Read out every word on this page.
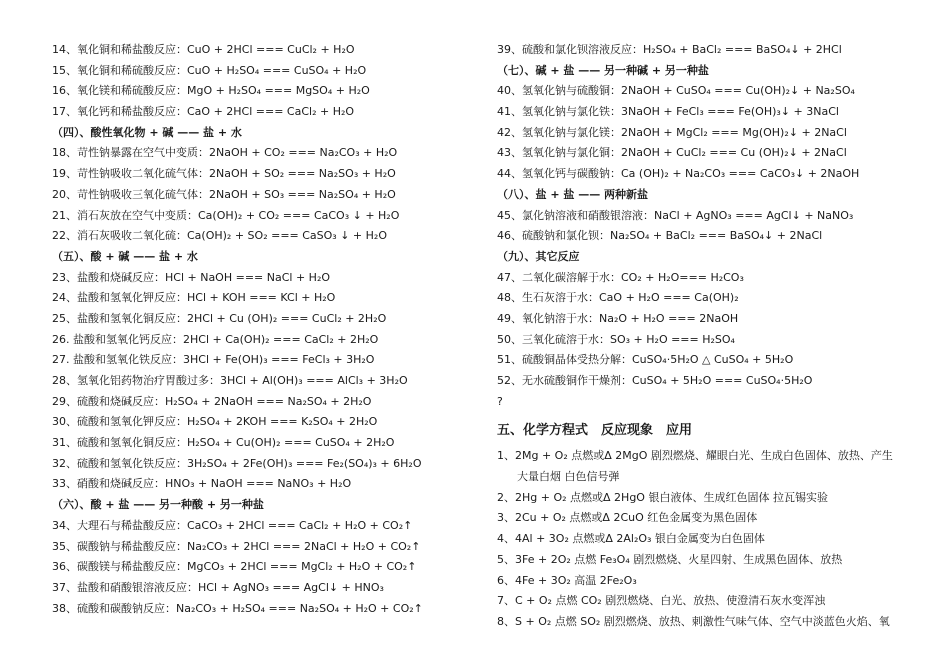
14、氧化铜和稀盐酸反应：CuO + 2HCl === CuCl₂ + H₂O
15、氧化铜和稀硫酸反应：CuO + H₂SO₄ === CuSO₄ + H₂O
16、氧化镁和稀硫酸反应：MgO + H₂SO₄ === MgSO₄ + H₂O
17、氧化钙和稀盐酸反应：CaO + 2HCl === CaCl₂ + H₂O
（四）、酸性氧化物 + 碱 —— 盐 + 水
18、苛性钠暴露在空气中变质：2NaOH + CO₂ === Na₂CO₃ + H₂O
19、苛性钠吸收二氧化硫气体：2NaOH + SO₂ === Na₂SO₃ + H₂O
20、苛性钠吸收三氧化硫气体：2NaOH + SO₃ === Na₂SO₄ + H₂O
21、消石灰放在空气中变质：Ca(OH)₂ + CO₂ === CaCO₃ ↓ + H₂O
22、消石灰吸收二氧化硫：Ca(OH)₂ + SO₂ === CaSO₃ ↓ + H₂O
（五）、酸 + 碱 —— 盐 + 水
23、盐酸和烧碱反应：HCl + NaOH === NaCl + H₂O
24、盐酸和氢氧化钾反应：HCl + KOH === KCl + H₂O
25、盐酸和氢氧化铜反应：2HCl + Cu (OH)₂ === CuCl₂ + 2H₂O
26. 盐酸和氢氧化钙反应：2HCl + Ca(OH)₂ === CaCl₂ + 2H₂O
27. 盐酸和氢氧化铁反应：3HCl + Fe(OH)₃ === FeCl₃ + 3H₂O
28、氢氧化铝药物治疗胃酸过多：3HCl + Al(OH)₃ === AlCl₃ + 3H₂O
29、硫酸和烧碱反应：H₂SO₄ + 2NaOH === Na₂SO₄ + 2H₂O
30、硫酸和氢氧化钾反应：H₂SO₄ + 2KOH === K₂SO₄ + 2H₂O
31、硫酸和氢氧化铜反应：H₂SO₄ + Cu(OH)₂ === CuSO₄ + 2H₂O
32、硫酸和氢氧化铁反应：3H₂SO₄ + 2Fe(OH)₃ === Fe₂(SO₄)₃ + 6H₂O
33、硝酸和烧碱反应：HNO₃ + NaOH === NaNO₃ + H₂O
（六）、酸 + 盐 —— 另一种酸 + 另一种盐
34、大理石与稀盐酸反应：CaCO₃ + 2HCl === CaCl₂ + H₂O + CO₂↑
35、碳酸钠与稀盐酸反应：Na₂CO₃ + 2HCl === 2NaCl + H₂O + CO₂↑
36、碳酸镁与稀盐酸反应：MgCO₃ + 2HCl === MgCl₂ + H₂O + CO₂↑
37、盐酸和硝酸银溶液反应：HCl + AgNO₃ === AgCl↓ + HNO₃
38、硫酸和碳酸钠反应：Na₂CO₃ + H₂SO₄ === Na₂SO₄ + H₂O + CO₂↑
39、硫酸和氯化钡溶液反应：H₂SO₄ + BaCl₂ === BaSO₄↓ + 2HCl
（七）、碱 + 盐 —— 另一种碱 + 另一种盐
40、氢氧化钠与硫酸铜：2NaOH + CuSO₄ === Cu(OH)₂↓ + Na₂SO₄
41、氢氧化钠与氯化铁：3NaOH + FeCl₃ === Fe(OH)₃↓ + 3NaCl
42、氢氧化钠与氯化镁：2NaOH + MgCl₂ === Mg(OH)₂↓ + 2NaCl
43、氢氧化钠与氯化铜：2NaOH + CuCl₂ === Cu (OH)₂↓ + 2NaCl
44、氢氧化钙与碳酸钠：Ca (OH)₂ + Na₂CO₃ === CaCO₃↓ + 2NaOH
（八）、盐 + 盐 —— 两种新盐
45、氯化钠溶液和硝酸银溶液：NaCl + AgNO₃ === AgCl↓ + NaNO₃
46、硫酸钠和氯化钡：Na₂SO₄ + BaCl₂ === BaSO₄↓ + 2NaCl
（九）、其它反应
47、二氧化碳溶解于水：CO₂ + H₂O=== H₂CO₃
48、生石灰溶于水：CaO + H₂O === Ca(OH)₂
49、氧化钠溶于水：Na₂O + H₂O === 2NaOH
50、三氧化硫溶于水：SO₃ + H₂O === H₂SO₄
51、硫酸铜晶体受热分解：CuSO₄·5H₂O △ CuSO₄ + 5H₂O
52、无水硫酸铜作干燥剂：CuSO₄ + 5H₂O === CuSO₄·5H₂O
?
五、化学方程式　反应现象　应用
1、2Mg + O₂ 点燃或Δ 2MgO 剧烈燃烧、耀眼白光、生成白色固体、放热、产生
大量白烟 白色信号弹
2、2Hg + O₂ 点燃或Δ 2HgO 银白液体、生成红色固体 拉瓦锡实验
3、2Cu + O₂ 点燃或Δ 2CuO 红色金属变为黑色固体
4、4Al + 3O₂ 点燃或Δ 2Al₂O₃ 银白金属变为白色固体
5、3Fe + 2O₂ 点燃 Fe₃O₄ 剧烈燃烧、火星四射、生成黑色固体、放热
6、4Fe + 3O₂ 高温 2Fe₂O₃
7、C + O₂ 点燃 CO₂ 剧烈燃烧、白光、放热、使澄清石灰水变浑浊
8、S + O₂ 点燃 SO₂ 剧烈燃烧、放热、刺激性气味气体、空气中淡蓝色火焰、氧
